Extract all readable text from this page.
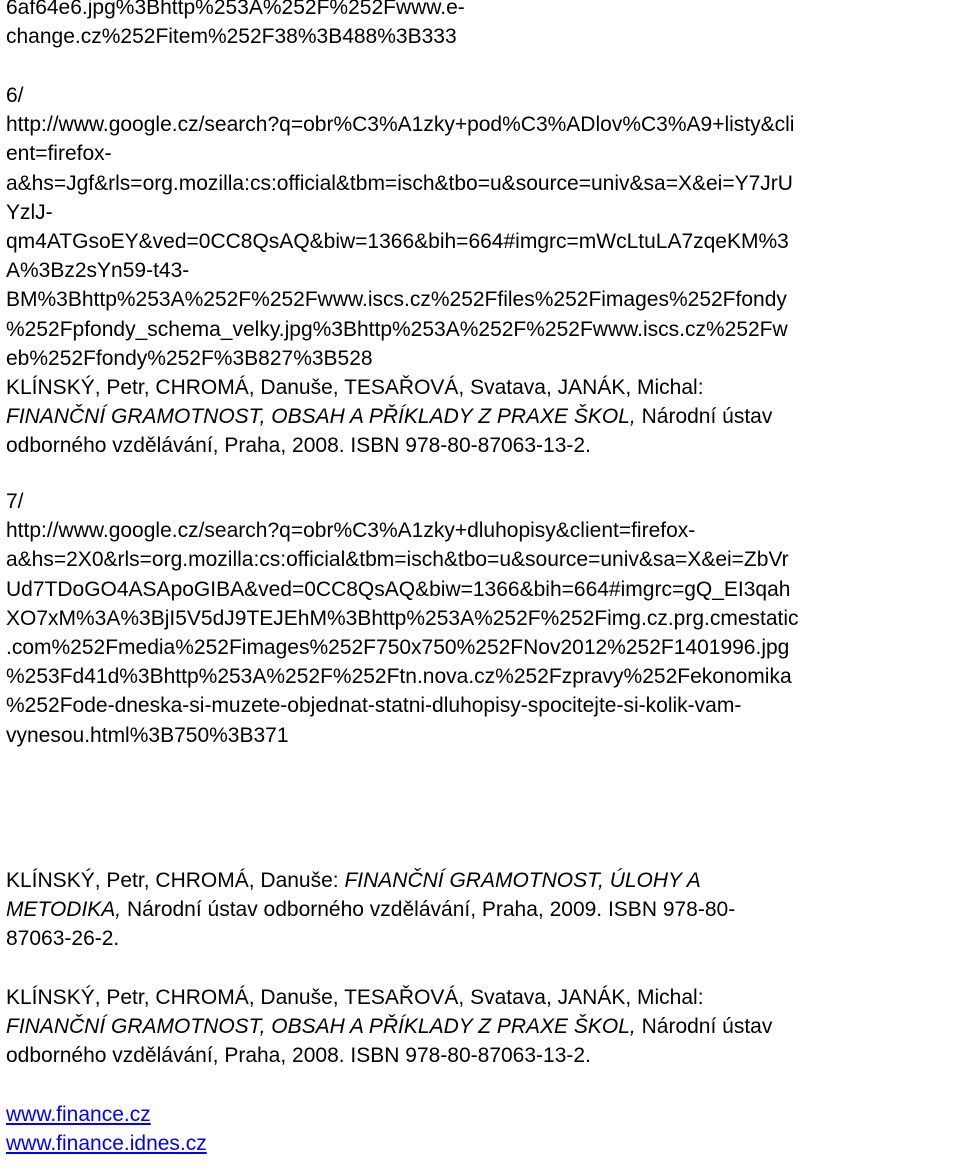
6af64e6.jpg%3Bhttp%253A%252F%252Fwww.e-
change.cz%252Fitem%252F38%3B488%3B333
6/
http://www.google.cz/search?q=obr%C3%A1zky+pod%C3%ADlov%C3%A9+listy&cli
ent=firefox-
a&hs=Jgf&rls=org.mozilla:cs:official&tbm=isch&tbo=u&source=univ&sa=X&ei=Y7JrU
YzlJ-
qm4ATGsoEY&ved=0CC8QsAQ&biw=1366&bih=664#imgrc=mWcLtuLA7zqeKM%3
A%3Bz2sYn59-t43-
BM%3Bhttp%253A%252F%252Fwww.iscs.cz%252Ffiles%252Fimages%252Ffondy
%252Fpfondy_schema_velky.jpg%3Bhttp%253A%252F%252Fwww.iscs.cz%252Fw
eb%252Ffondy%252F%3B827%3B528
KLÍNSKÝ, Petr, CHROMÁ, Danuše, TESAŘOVÁ, Svatava, JANÁK, Michal:
FINANČNÍ GRAMOTNOST, OBSAH A PŘÍKLADY Z PRAXE ŠKOL, Národní ústav
odborného vzdělávání, Praha, 2008. ISBN 978-80-87063-13-2.
7/
http://www.google.cz/search?q=obr%C3%A1zky+dluhopisy&client=firefox-
a&hs=2X0&rls=org.mozilla:cs:official&tbm=isch&tbo=u&source=univ&sa=X&ei=ZbVr
Ud7TDoGO4ASApoGIBA&ved=0CC8QsAQ&biw=1366&bih=664#imgrc=gQ_EI3qah
XO7xM%3A%3BjI5V5dJ9TEJEhM%3Bhttp%253A%252F%252Fimg.cz.prg.cmestatic
.com%252Fmedia%252Fimages%252F750x750%252FNov2012%252F1401996.jpg
%253Fd41d%3Bhttp%253A%252F%252Ftn.nova.cz%252Fzpravy%252Fekonomika
%252Fode-dneska-si-muzete-objednat-statni-dluhopisy-spocitejte-si-kolik-vam-
vynesou.html%3B750%3B371
KLÍNSKÝ, Petr, CHROMÁ, Danuše: FINANČNÍ GRAMOTNOST, ÚLOHY A
METODIKA, Národní ústav odborného vzdělávání, Praha, 2009. ISBN 978-80-
87063-26-2.
KLÍNSKÝ, Petr, CHROMÁ, Danuše, TESAŘOVÁ, Svatava, JANÁK, Michal:
FINANČNÍ GRAMOTNOST, OBSAH A PŘÍKLADY Z PRAXE ŠKOL, Národní ústav
odborného vzdělávání, Praha, 2008. ISBN 978-80-87063-13-2.
www.finance.cz
www.finance.idnes.cz
